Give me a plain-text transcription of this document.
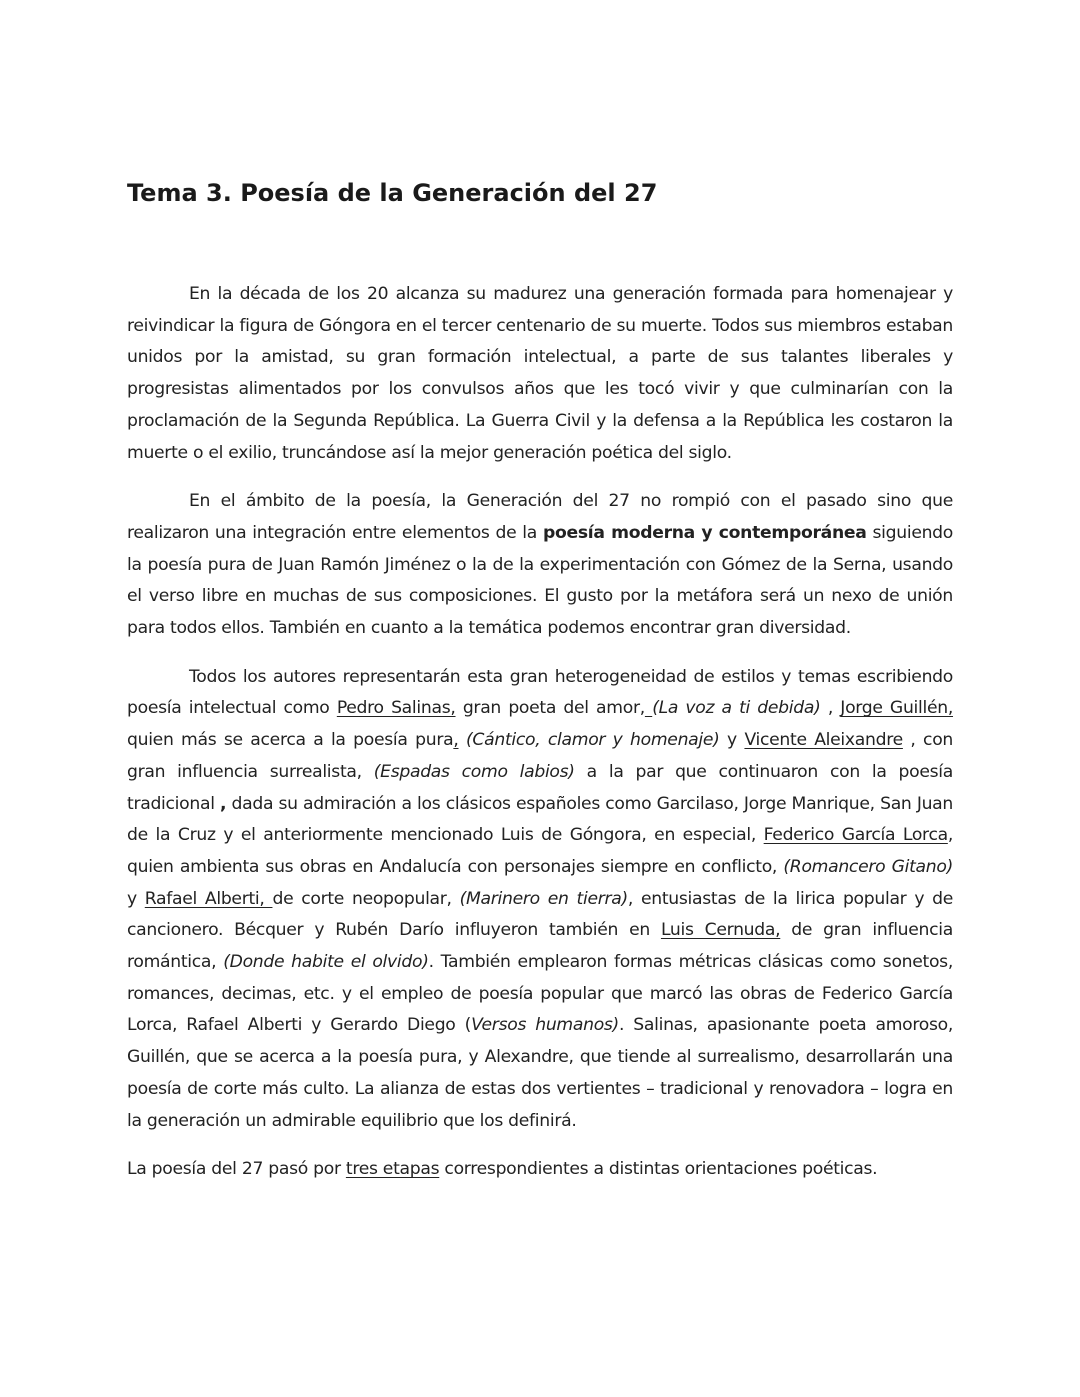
Tema 3. Poesía de la Generación del 27

En la década de los 20 alcanza su madurez una generación formada para homenajear y reivindicar la figura de Góngora en el tercer centenario de su muerte. Todos sus miembros estaban unidos por la amistad, su gran formación intelectual, a parte de sus talantes liberales y progresistas alimentados por los convulsos años que les tocó vivir y que culminarían con la proclamación de la Segunda República. La Guerra Civil y la defensa a la República les costaron la muerte o el exilio, truncándose así la mejor generación poética del siglo.

En el ámbito de la poesía, la Generación del 27 no rompió con el pasado sino que realizaron una integración entre elementos de la poesía moderna y contemporánea siguiendo la poesía pura de Juan Ramón Jiménez o la de la experimentación con Gómez de la Serna, usando el verso libre en muchas de sus composiciones. El gusto por la metáfora será un nexo de unión para todos ellos. También en cuanto a la temática podemos encontrar gran diversidad.

Todos los autores representarán esta gran heterogeneidad de estilos y temas escribiendo poesía intelectual como Pedro Salinas, gran poeta del amor, (La voz a ti debida) , Jorge Guillén, quien más se acerca a la poesía pura, (Cántico, clamor y homenaje) y Vicente Aleixandre , con gran influencia surrealista, (Espadas como labios) a la par que continuaron con la poesía tradicional , dada su admiración a los clásicos españoles como Garcilaso, Jorge Manrique, San Juan de la Cruz y el anteriormente mencionado Luis de Góngora, en especial, Federico García Lorca, quien ambienta sus obras en Andalucía con personajes siempre en conflicto, (Romancero Gitano) y Rafael Alberti, de corte neopopular, (Marinero en tierra), entusiastas de la lirica popular y de cancionero. Bécquer y Rubén Darío influyeron también en Luis Cernuda, de gran influencia romántica, (Donde habite el olvido). También emplearon formas métricas clásicas como sonetos, romances, decimas, etc. y el empleo de poesía popular que marcó las obras de Federico García Lorca, Rafael Alberti y Gerardo Diego (Versos humanos). Salinas, apasionante poeta amoroso, Guillén, que se acerca a la poesía pura, y Alexandre, que tiende al surrealismo, desarrollarán una poesía de corte más culto. La alianza de estas dos vertientes – tradicional y renovadora – logra en la generación un admirable equilibrio que los definirá.

La poesía del 27 pasó por tres etapas correspondientes a distintas orientaciones poéticas.
